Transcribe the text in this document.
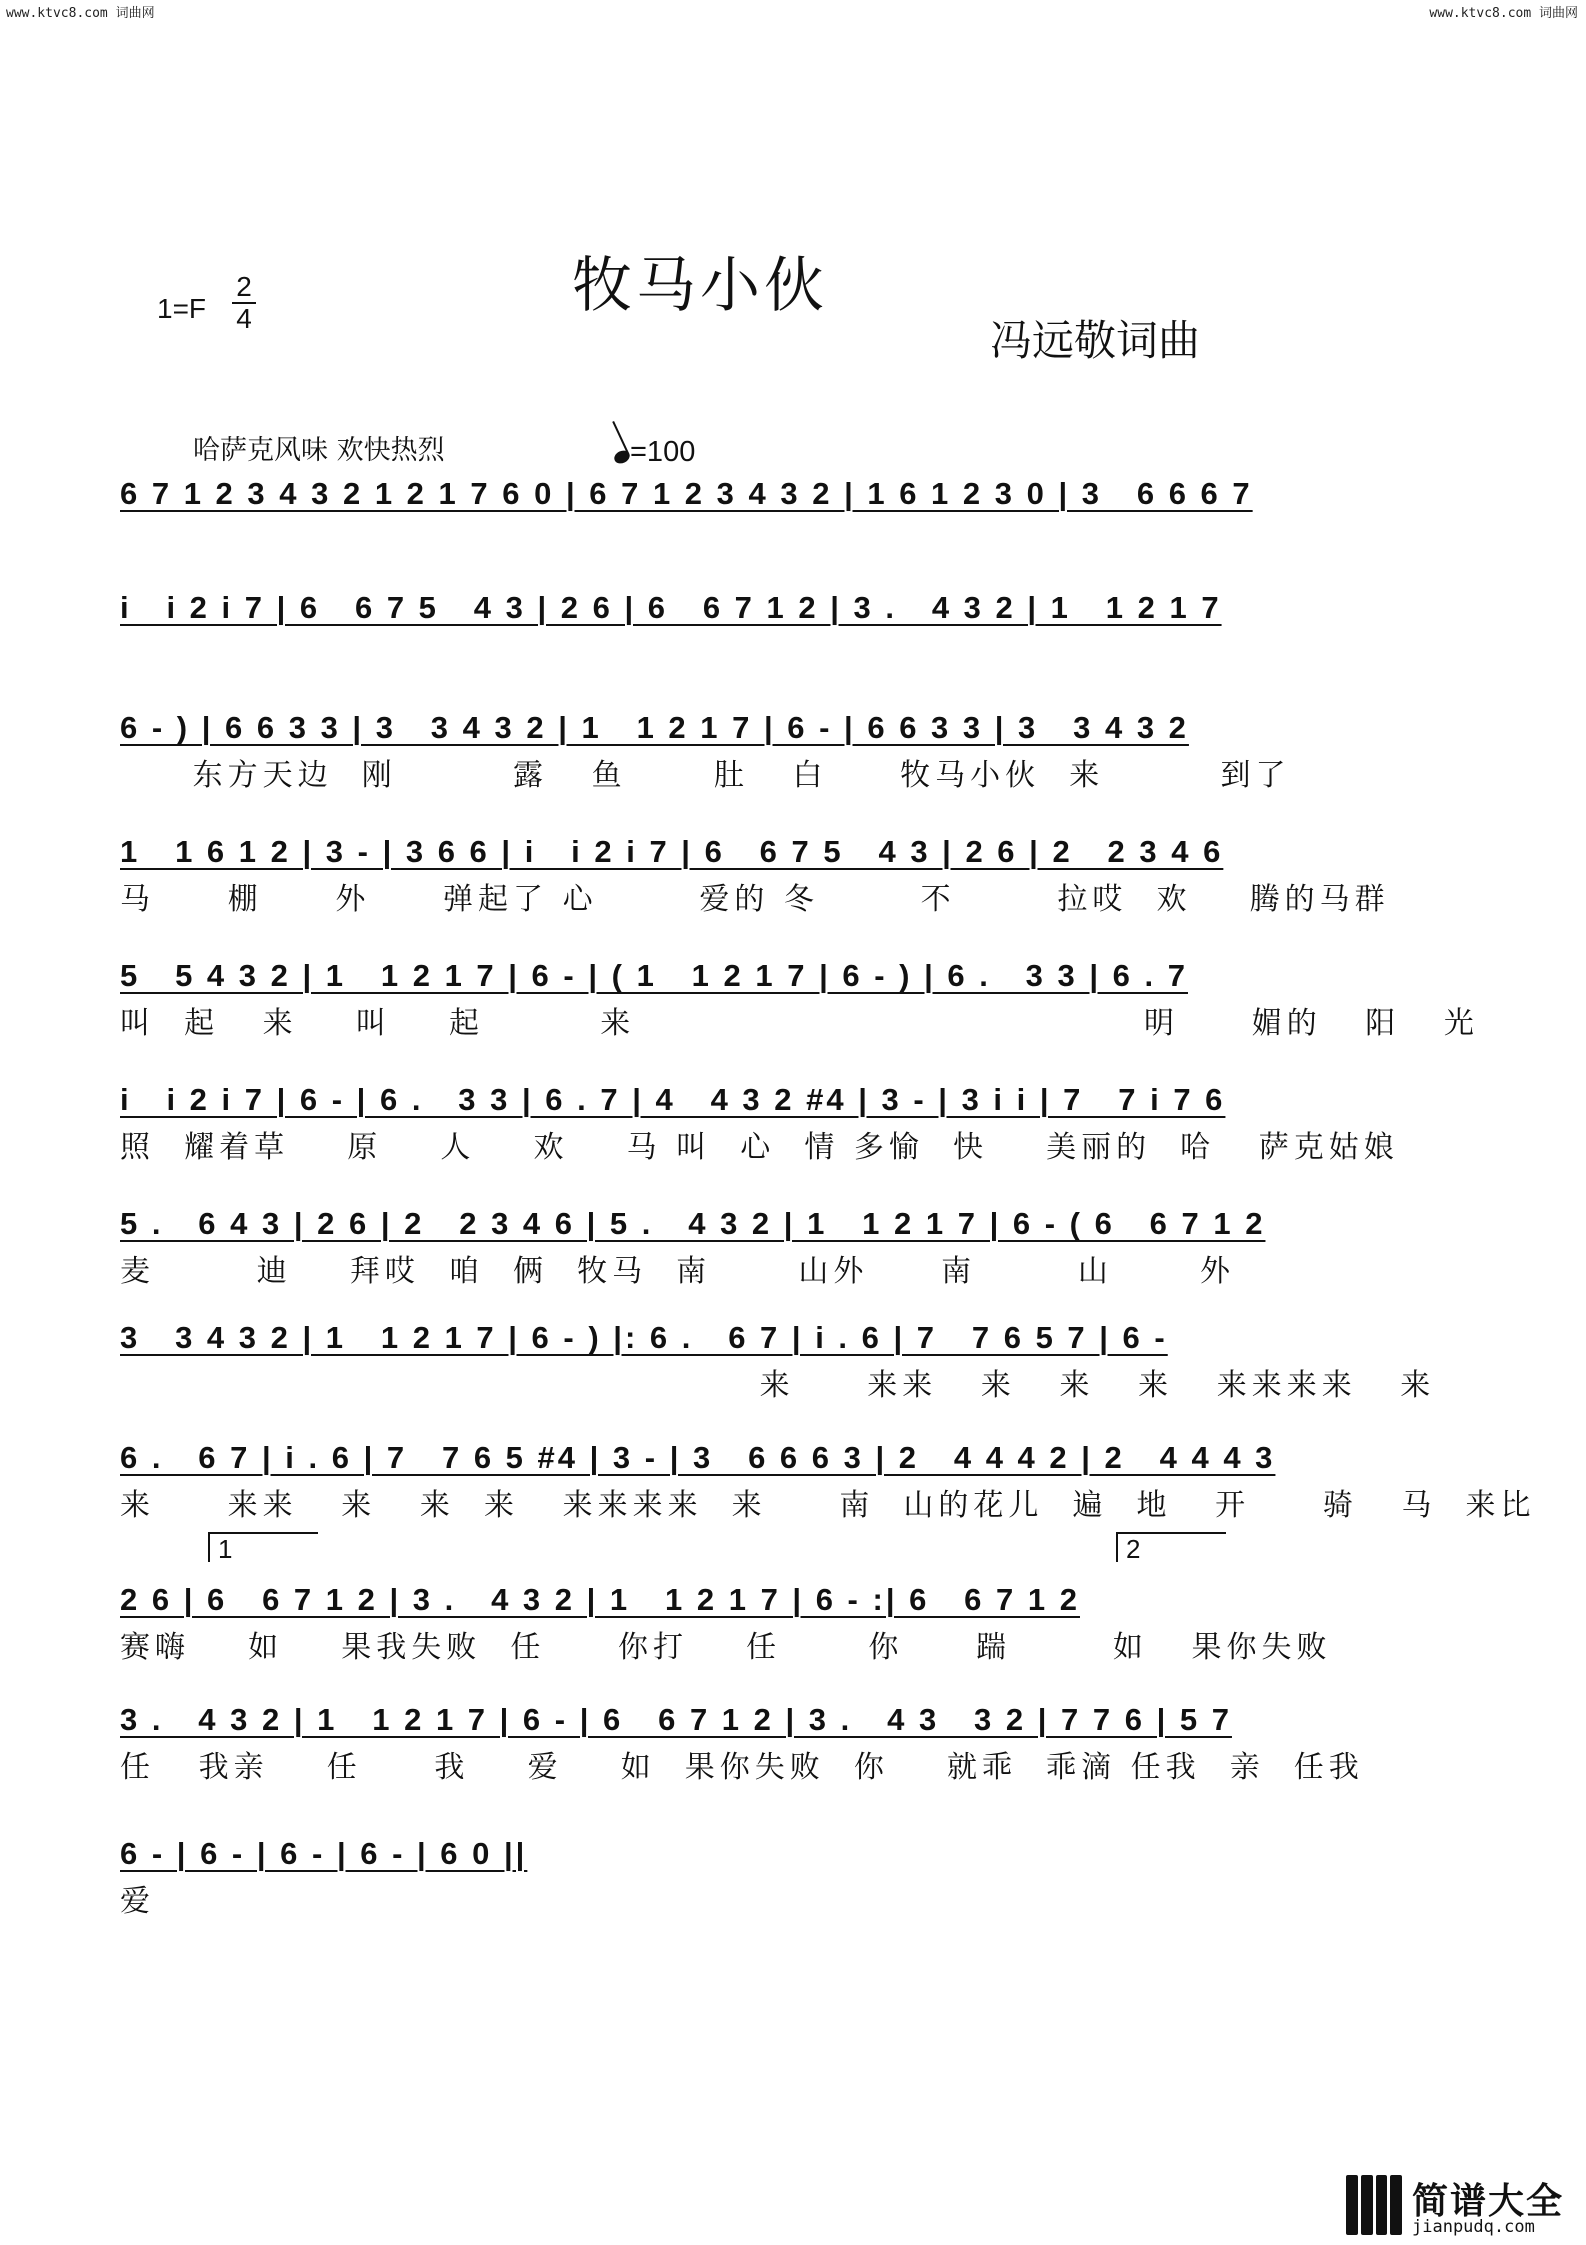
www.ktvc8.com 词曲网	www.ktvc8.com 词曲网
牧马小伙
1=F
2
4	冯远敬词曲
哈萨克风味 欢快热烈	=100
6 7 1 2 3 4 3 2 1 2 1 7 6 0 | 6 7 1 2 3 4 3 2 | 1 6 1 2 3 0 | 3   6 6 6 7
i   i 2 i 7 | 6   6 7 5   4 3 | 2 6 | 6   6 7 1 2 | 3 .   4 3 2 | 1   1 2 1 7
6 - ) | 6 6 3 3 | 3   3 4 3 2 | 1   1 2 1 7 | 6 - | 6 6 3 3 | 3   3 4 3 2
东方天边  刚        露   鱼      肚   白     牧马小伙  来        到了
1   1 6 1 2 | 3 - | 3 6 6 | i   i 2 i 7 | 6   6 7 5   4 3 | 2 6 | 2   2 3 4 6
马     棚     外     弹起了 心       爱的 冬       不       拉哎  欢    腾的马群
5   5 4 3 2 | 1   1 2 1 7 | 6 - | ( 1   1 2 1 7 | 6 - ) | 6 .   3 3 | 6 . 7
叫  起   来    叫    起        来                                   明     媚的   阳   光
i   i 2 i 7 | 6 - | 6 .   3 3 | 6 . 7 | 4   4 3 2 #4 | 3 - | 3 i i | 7   7 i 7 6
照  耀着草    原    人    欢    马 叫  心  情 多愉  快    美丽的  哈   萨克姑娘
5 .   6 4 3 | 2 6 | 2   2 3 4 6 | 5 .   4 3 2 | 1   1 2 1 7 | 6 - ( 6   6 7 1 2
麦       迪    拜哎  咱  俩  牧马  南      山外     南       山      外
3   3 4 3 2 | 1   1 2 1 7 | 6 - ) |: 6 .   6 7 | i . 6 | 7   7 6 5 7 | 6 -
来     来来   来   来   来   来来来来   来
6 .   6 7 | i . 6 | 7   7 6 5 #4 | 3 - | 3   6 6 6 3 | 2   4 4 4 2 | 2   4 4 4 3
来     来来   来   来  来   来来来来  来     南  山的花儿  遍  地   开     骑   马  来比
1	2
2 6 | 6   6 7 1 2 | 3 .   4 3 2 | 1   1 2 1 7 | 6 - :| 6   6 7 1 2
赛嗨    如    果我失败  任     你打    任      你     踹       如   果你失败
3 .   4 3 2 | 1   1 2 1 7 | 6 - | 6   6 7 1 2 | 3 .   4 3   3 2 | 7 7 6 | 5 7
任   我亲    任     我    爱    如  果你失败  你    就乖  乖滴 任我  亲  任我
6 - | 6 - | 6 - | 6 - | 6 0 ||
爱
简谱大全
jianpudq.com
